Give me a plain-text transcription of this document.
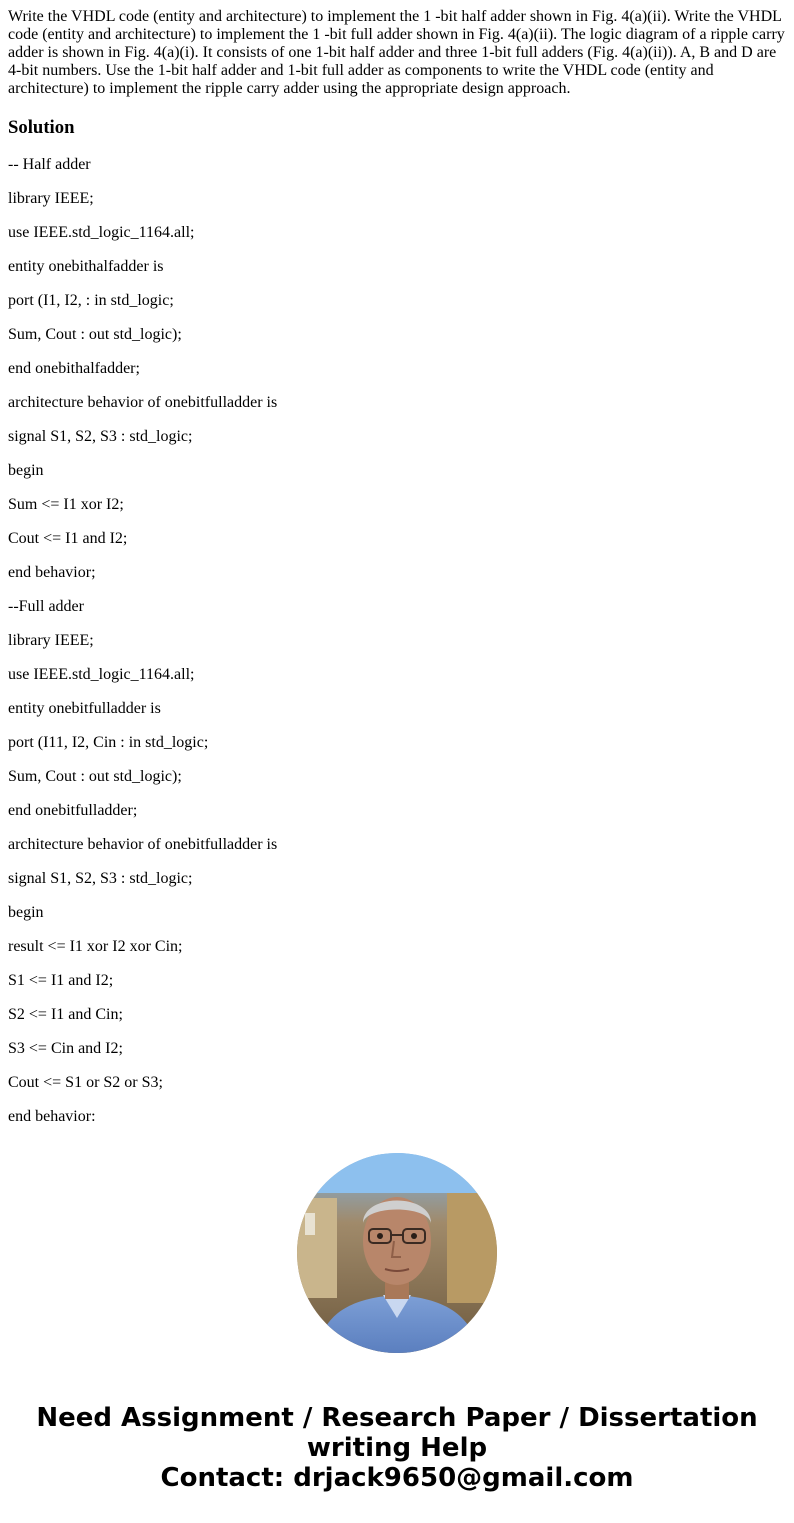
Write the VHDL code (entity and architecture) to implement the 1 -bit half adder shown in Fig. 4(a)(ii). Write the VHDL code (entity and architecture) to implement the 1 -bit full adder shown in Fig. 4(a)(ii). The logic diagram of a ripple carry adder is shown in Fig. 4(a)(i). It consists of one 1-bit half adder and three 1-bit full adders (Fig. 4(a)(ii)). A, B and D are 4-bit numbers. Use the 1-bit half adder and 1-bit full adder as components to write the VHDL code (entity and architecture) to implement the ripple carry adder using the appropriate design approach.

Solution

-- Half adder

library IEEE;

use IEEE.std_logic_1164.all;

entity onebithalfadder is

port (I1, I2, : in std_logic;

Sum, Cout : out std_logic);

end onebithalfadder;

architecture behavior of onebitfulladder is

signal S1, S2, S3 : std_logic;

begin

Sum <= I1 xor I2;

Cout <= I1 and I2;

end behavior;

--Full adder

library IEEE;

use IEEE.std_logic_1164.all;

entity onebitfulladder is

port (I11, I2, Cin : in std_logic;

Sum, Cout : out std_logic);

end onebitfulladder;

architecture behavior of onebitfulladder is

signal S1, S2, S3 : std_logic;

begin

result <= I1 xor I2 xor Cin;

S1 <= I1 and I2;

S2 <= I1 and Cin;

S3 <= Cin and I2;

Cout <= S1 or S2 or S3;

end behavior:

Need Assignment / Research Paper / Dissertation
writing Help
Contact: drjack9650@gmail.com
